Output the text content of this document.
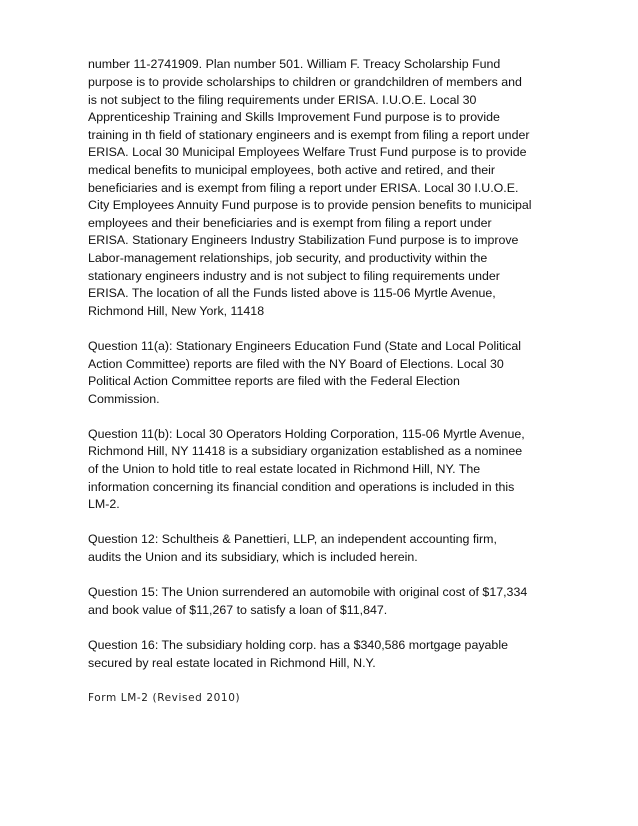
number 11-2741909. Plan number 501. William F. Treacy Scholarship Fund
purpose is to provide scholarships to children or grandchildren of members and
is not subject to the filing requirements under ERISA. I.U.O.E. Local 30
Apprenticeship Training and Skills Improvement Fund purpose is to provide
training in th field of stationary engineers and is exempt from filing a report under
ERISA. Local 30 Municipal Employees Welfare Trust Fund purpose is to provide
medical benefits to municipal employees, both active and retired, and their
beneficiaries and is exempt from filing a report under ERISA. Local 30 I.U.O.E.
City Employees Annuity Fund purpose is to provide pension benefits to municipal
employees and their beneficiaries and is exempt from filing a report under
ERISA. Stationary Engineers Industry Stabilization Fund purpose is to improve
Labor-management relationships, job security, and productivity within the
stationary engineers industry and is not subject to filing requirements under
ERISA. The location of all the Funds listed above is 115-06 Myrtle Avenue,
Richmond Hill, New York, 11418

Question 11(a): Stationary Engineers Education Fund (State and Local Political
Action Committee) reports are filed with the NY Board of Elections. Local 30
Political Action Committee reports are filed with the Federal Election
Commission.

Question 11(b): Local 30 Operators Holding Corporation, 115-06 Myrtle Avenue,
Richmond Hill, NY 11418 is a subsidiary organization established as a nominee
of the Union to hold title to real estate located in Richmond Hill, NY. The
information concerning its financial condition and operations is included in this
LM-2.

Question 12: Schultheis & Panettieri, LLP, an independent accounting firm,
audits the Union and its subsidiary, which is included herein.

Question 15: The Union surrendered an automobile with original cost of $17,334
and book value of $11,267 to satisfy a loan of $11,847.

Question 16: The subsidiary holding corp. has a $340,586 mortgage payable
secured by real estate located in Richmond Hill, N.Y.

Form LM-2 (Revised 2010)
